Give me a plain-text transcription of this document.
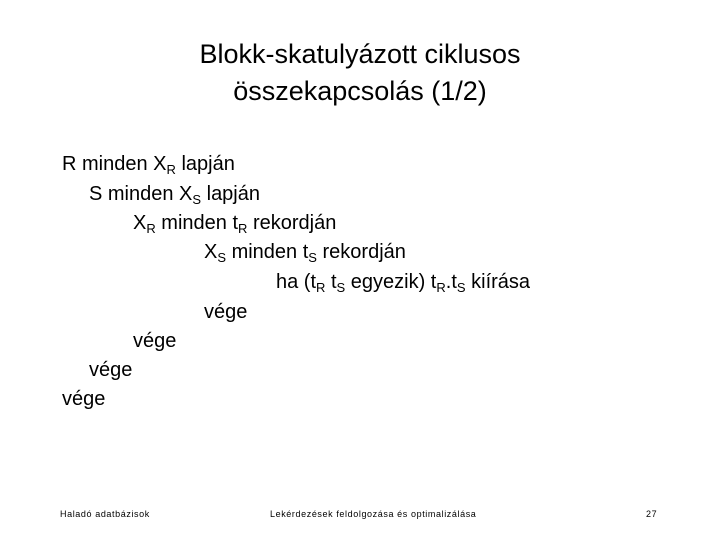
Blokk-skatulyázott ciklusos
összekapcsolás (1/2)
R minden $X_R$ lapján
S minden $X_S$ lapján
$X_R$ minden $t_R$ rekordján
$X_S$ minden $t_S$ rekordján
ha ($t_R$ $t_S$ egyezik) $t_R.t_S$ kiírása
vége
vége
vége
vége
Haladó adatbázisok	Lekérdezések feldolgozása és optimalizálása	27
